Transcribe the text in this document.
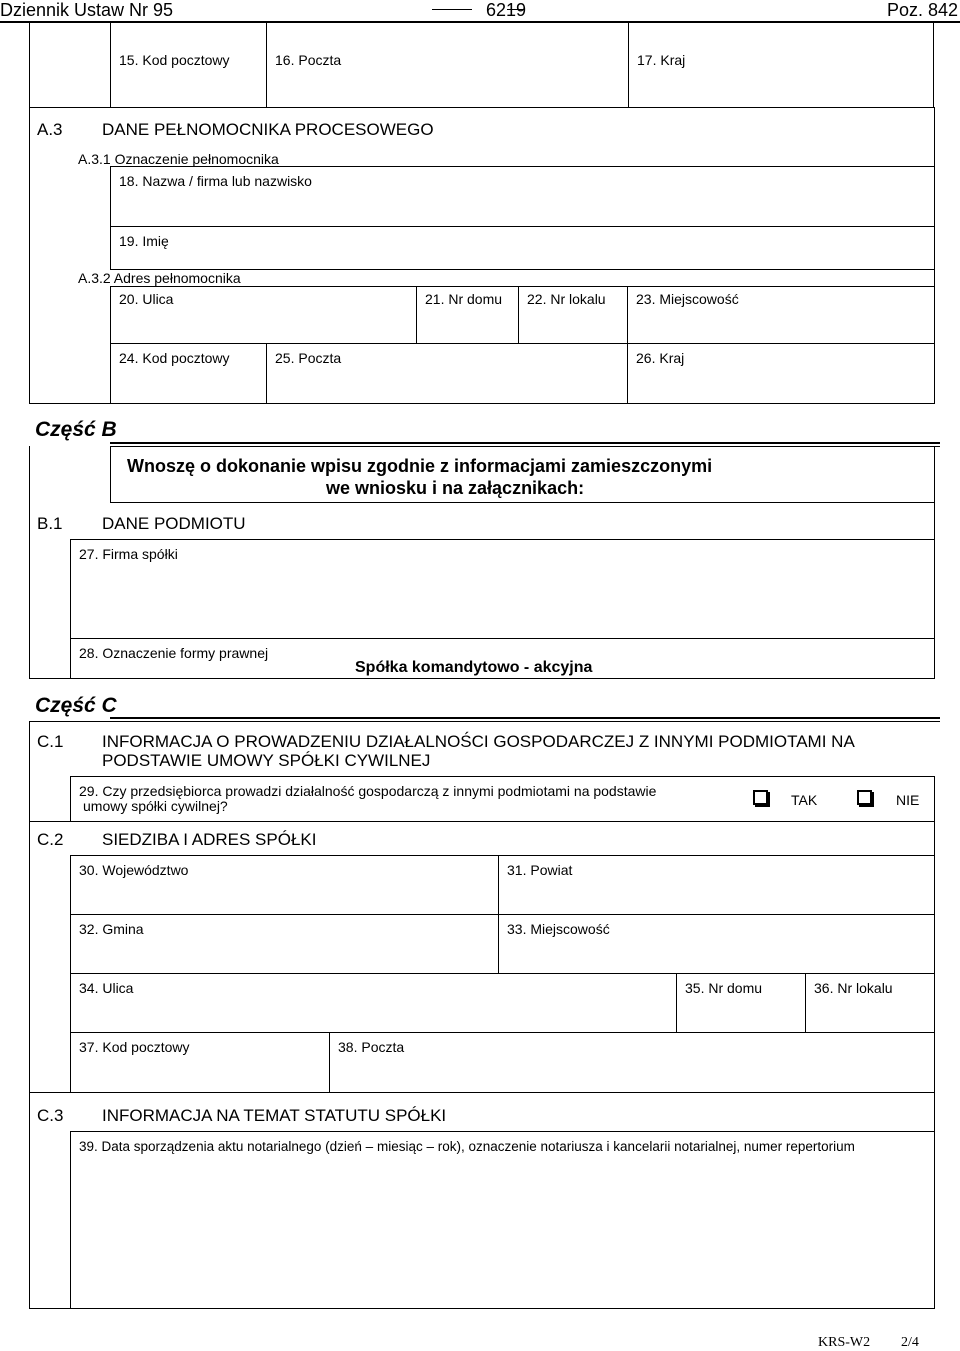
Dziennik Ustaw Nr 95	6219	Poz. 842
15. Kod pocztowy	16. Poczta	17. Kraj
A.3 DANE PEŁNOMOCNIKA PROCESOWEGO
A.3.1 Oznaczenie pełnomocnika
18. Nazwa / firma lub nazwisko
19. Imię
A.3.2 Adres pełnomocnika
20. Ulica	21. Nr domu 22. Nr lokalu 23. Miejscowość
24. Kod pocztowy	25. Poczta	26. Kraj
Część B
Wnoszę o dokonanie wpisu zgodnie z informacjami zamieszczonymi
we wniosku i na załącznikach:
B.1 DANE PODMIOTU
27. Firma spółki
28. Oznaczenie formy prawnej
Spółka komandytowo - akcyjna
Część C
C.1 INFORMACJA O PROWADZENIU DZIAŁALNOŚCI GOSPODARCZEJ Z INNYMI PODMIOTAMI NA
PODSTAWIE UMOWY SPÓŁKI CYWILNEJ
29. Czy przedsiębiorca prowadzi działalność gospodarczą z innymi podmiotami na podstawie
umowy spółki cywilnej?	TAK	NIE
C.2 SIEDZIBA I ADRES SPÓŁKI
30. Województwo	31. Powiat
32. Gmina	33. Miejscowość
34. Ulica	35. Nr domu	36. Nr lokalu
37. Kod pocztowy	38. Poczta
C.3 INFORMACJA NA TEMAT STATUTU SPÓŁKI
39. Data sporządzenia aktu notarialnego (dzień – miesiąc – rok), oznaczenie notariusza i kancelarii notarialnej, numer repertorium
KRS-W2 2/4
